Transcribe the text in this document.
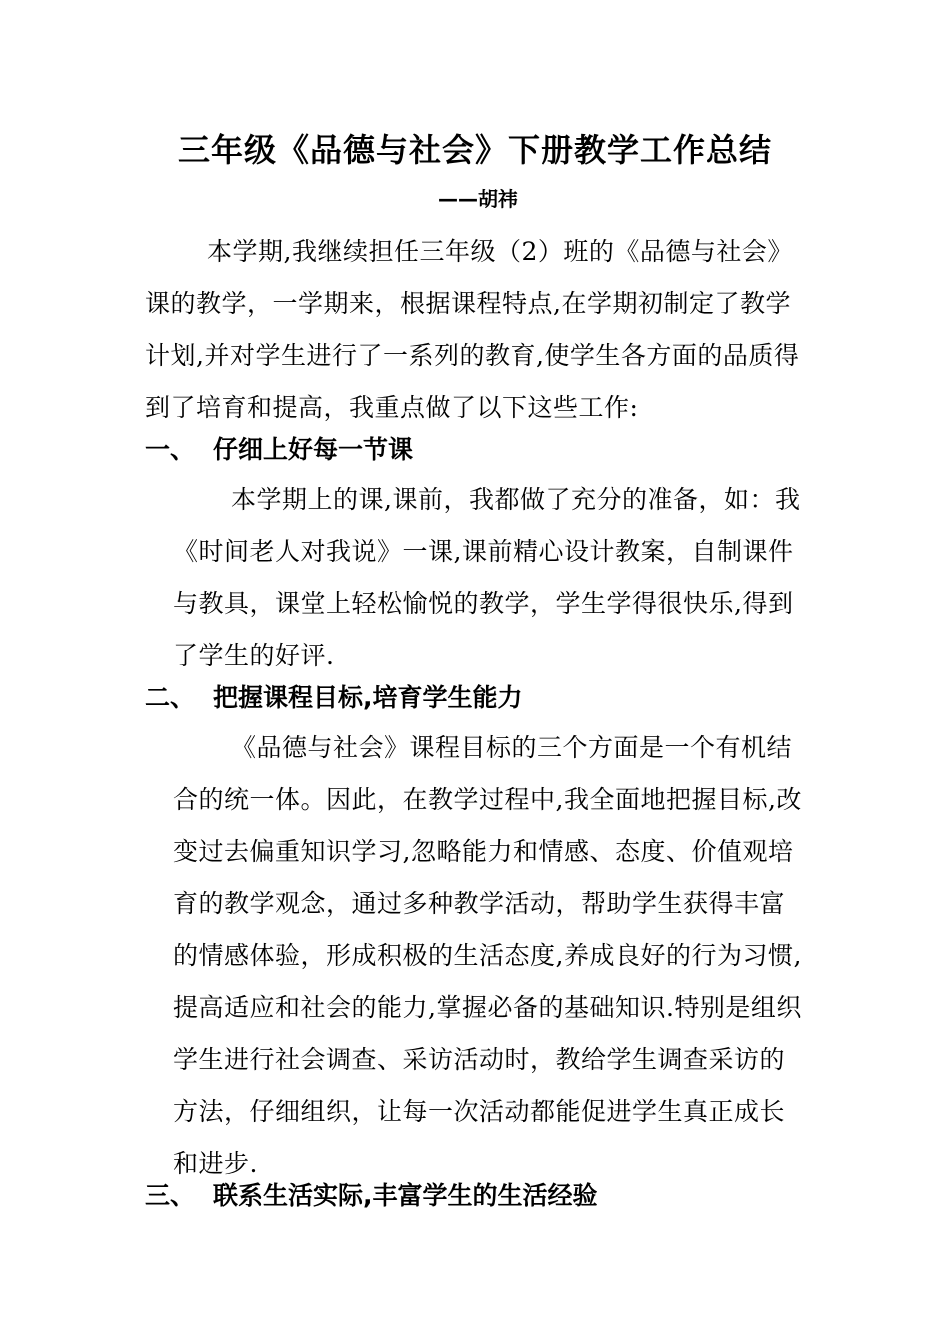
三年级《品德与社会》下册教学工作总结
——胡祎
本学期,我继续担任三年级（2）班的《品德与社会》课的教学，一学期来，根据课程特点,在学期初制定了教学计划,并对学生进行了一系列的教育,使学生各方面的品质得到了培育和提高，我重点做了以下这些工作:
一、 仔细上好每一节课
本学期上的课,课前，我都做了充分的准备，如：我《时间老人对我说》一课,课前精心设计教案，自制课件与教具，课堂上轻松愉悦的教学，学生学得很快乐,得到了学生的好评.
二、 把握课程目标,培育学生能力
《品德与社会》课程目标的三个方面是一个有机结合的统一体。因此，在教学过程中,我全面地把握目标,改变过去偏重知识学习,忽略能力和情感、态度、价值观培育的教学观念，通过多种教学活动，帮助学生获得丰富的情感体验，形成积极的生活态度,养成良好的行为习惯,提高适应和社会的能力,掌握必备的基础知识.特别是组织学生进行社会调查、采访活动时，教给学生调查采访的方法，仔细组织，让每一次活动都能促进学生真正成长和进步.
三、 联系生活实际,丰富学生的生活经验
